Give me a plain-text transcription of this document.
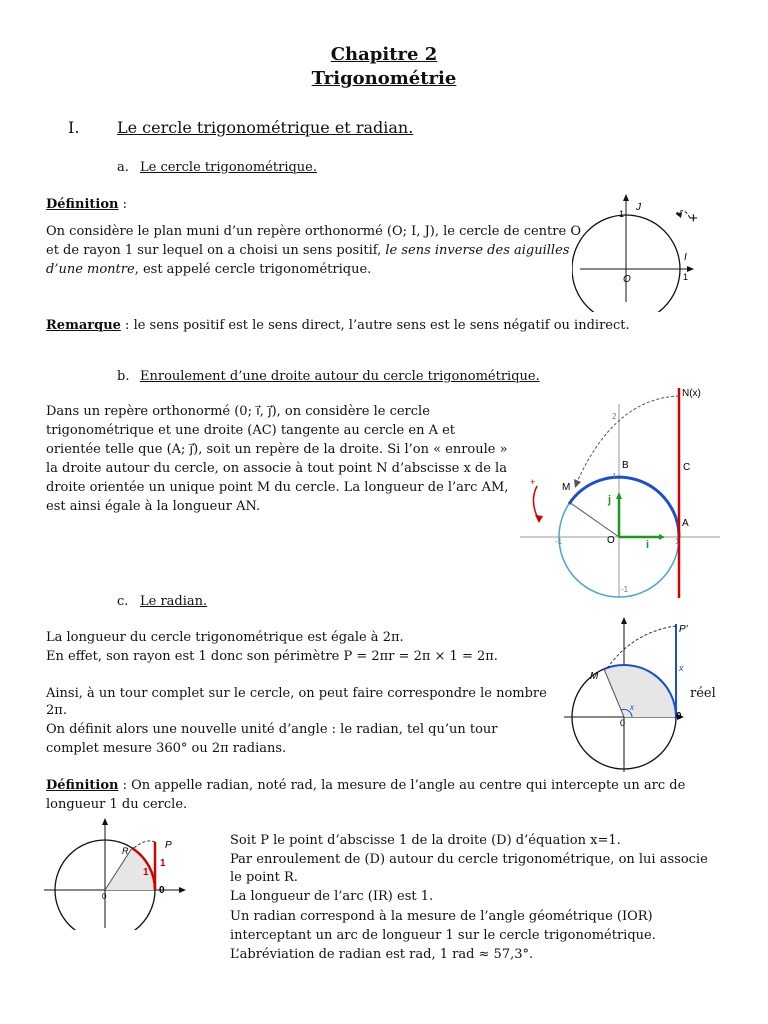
Chapitre 2
Trigonométrie
I. Le cercle trigonométrique et radian.
a. Le cercle trigonométrique.
Définition :
On considère le plan muni d’un repère orthonormé (O; I, J), le cercle de centre O
et de rayon 1 sur lequel on a choisi un sens positif, le sens inverse des aiguilles
d’une montre, est appelé cercle trigonométrique.
J
1
I
1
O
+
Remarque : le sens positif est le sens direct, l’autre sens est le sens négatif ou indirect.
b. Enroulement d’une droite autour du cercle trigonométrique.
Dans un repère orthonormé (0; i⃗, j⃗), on considère le cercle
trigonométrique et une droite (AC) tangente au cercle en A et
orientée telle que (A; j⃗), soit un repère de la droite. Si l’on « enroule »
la droite autour du cercle, on associe à tout point N d’abscisse x de la
droite orientée un unique point M du cercle. La longueur de l’arc AM,
est ainsi égale à la longueur AN.
+
N(x)
C
B
M
A
O
j
i
2
1
1
-1
-1
c. Le radian.
La longueur du cercle trigonométrique est égale à 2π.
En effet, son rayon est 1 donc son périmètre P = 2πr = 2π × 1 = 2π.
Ainsi, à un tour complet sur le cercle, on peut faire correspondre le nombre	réel
2π.
On définit alors une nouvelle unité d’angle : le radian, tel qu’un tour
complet mesure 360° ou 2π radians.
P'
M
x
x
0
0
Définition : On appelle radian, noté rad, la mesure de l’angle au centre qui intercepte un arc de
longueur 1 du cercle.
P
R
1
1
0
0
Soit P le point d’abscisse 1 de la droite (D) d’équation x=1.
Par enroulement de (D) autour du cercle trigonométrique, on lui associe
le point R.
La longueur de l’arc (IR) est 1.
Un radian correspond à la mesure de l’angle géométrique (IOR)
interceptant un arc de longueur 1 sur le cercle trigonométrique.
L’abréviation de radian est rad, 1 rad ≈ 57,3°.
